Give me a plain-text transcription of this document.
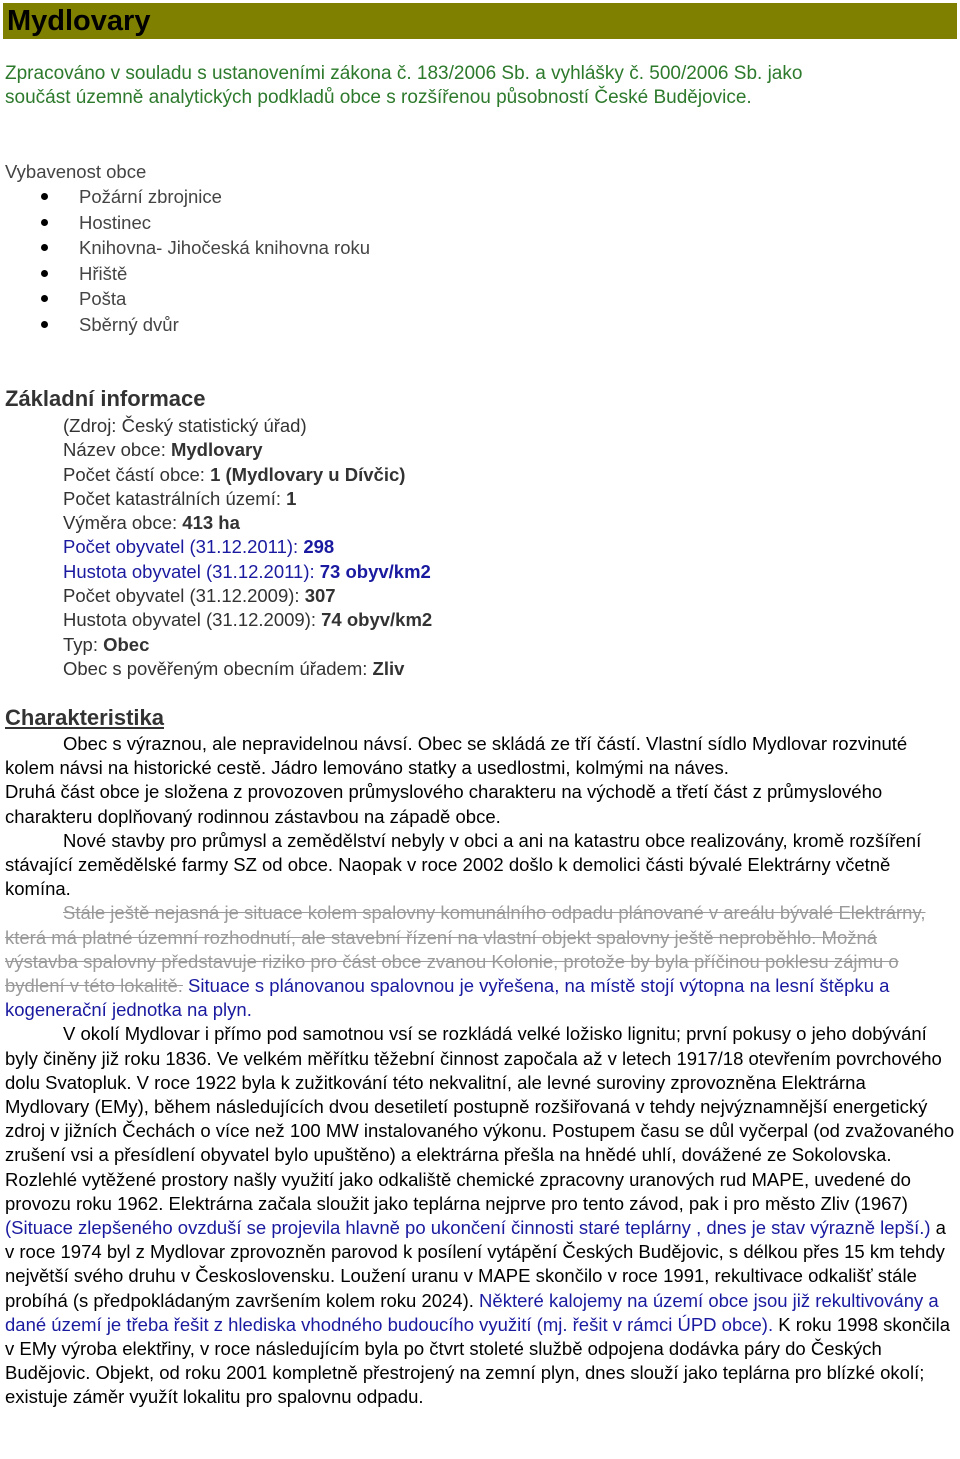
Mydlovary
Zpracováno v souladu s ustanoveními zákona č. 183/2006 Sb. a vyhlášky č. 500/2006 Sb. jako
součást územně analytických podkladů obce s rozšířenou působností České Budějovice.
Vybavenost obce
Požární zbrojnice
Hostinec
Knihovna- Jihočeská knihovna roku
Hřiště
Pošta
Sběrný dvůr
Základní informace
(Zdroj: Český statistický úřad)
Název obce: Mydlovary
Počet částí obce: 1 (Mydlovary u Dívčic)
Počet katastrálních území: 1
Výměra obce: 413 ha
Počet obyvatel (31.12.2011): 298
Hustota obyvatel (31.12.2011): 73 obyv/km2
Počet obyvatel (31.12.2009): 307
Hustota obyvatel (31.12.2009): 74 obyv/km2
Typ: Obec
Obec s pověřeným obecním úřadem: Zliv
Charakteristika

Obec s výraznou, ale nepravidelnou návsí. Obec se skládá ze tří částí. Vlastní sídlo Mydlovar rozvinuté kolem návsi na historické cestě. Jádro lemováno statky a usedlostmi, kolmými na náves.

Druhá část obce je složena z provozoven průmyslového charakteru na východě a třetí část z průmyslového charakteru doplňovaný rodinnou zástavbou na západě obce.

Nové stavby pro průmysl a zemědělství nebyly v obci a ani na katastru obce realizovány, kromě rozšíření stávající zemědělské farmy SZ od obce. Naopak v roce 2002 došlo k demolici části bývalé Elektrárny včetně komína.

Stále ještě nejasná je situace kolem spalovny komunálního odpadu plánované v areálu bývalé Elektrárny, která má platné územní rozhodnutí, ale stavební řízení na vlastní objekt spalovny ještě neproběhlo. Možná výstavba spalovny představuje riziko pro část obce zvanou Kolonie, protože by byla příčinou poklesu zájmu o bydlení v této lokalitě. Situace s plánovanou spalovnou je vyřešena, na místě stojí výtopna na lesní štěpku a kogenerační jednotka na plyn.

V okolí Mydlovar i přímo pod samotnou vsí se rozkládá velké ložisko lignitu; první pokusy o jeho dobývání byly činěny již roku 1836. Ve velkém měřítku těžební činnost započala až v letech 1917/18 otevřením povrchového dolu Svatopluk. V roce 1922 byla k zužitkování této nekvalitní, ale levné suroviny zprovozněna Elektrárna Mydlovary (EMy), během následujících dvou desetiletí postupně rozšiřovaná v tehdy nejvýznamnější energetický zdroj v jižních Čechách o více než 100 MW instalovaného výkonu. Postupem času se důl vyčerpal (od zvažovaného zrušení vsi a přesídlení obyvatel bylo upuštěno) a elektrárna přešla na hnědé uhlí, dovážené ze Sokolovska. Rozlehlé vytěžené prostory našly využití jako odkaliště chemické zpracovny uranových rud MAPE, uvedené do provozu roku 1962. Elektrárna začala sloužit jako teplárna nejprve pro tento závod, pak i pro město Zliv (1967) (Situace zlepšeného ovzduší se projevila hlavně po ukončení činnosti staré teplárny , dnes je stav výrazně lepší.) a v roce 1974 byl z Mydlovar zprovozněn parovod k posílení vytápění Českých Budějovic, s délkou přes 15 km tehdy největší svého druhu v Československu. Loužení uranu v MAPE skončilo v roce 1991, rekultivace odkališť stále probíhá (s předpokládaným završením kolem roku 2024). Některé kalojemy na území obce jsou již rekultivovány a dané území je třeba řešit z hlediska vhodného budoucího využití (mj. řešit v rámci ÚPD obce). K roku 1998 skončila v EMy výroba elektřiny, v roce následujícím byla po čtvrt stoleté službě odpojena dodávka páry do Českých Budějovic. Objekt, od roku 2001 kompletně přestrojený na zemní plyn, dnes slouží jako teplárna pro blízké okolí; existuje záměr využít lokalitu pro spalovnu odpadu.
